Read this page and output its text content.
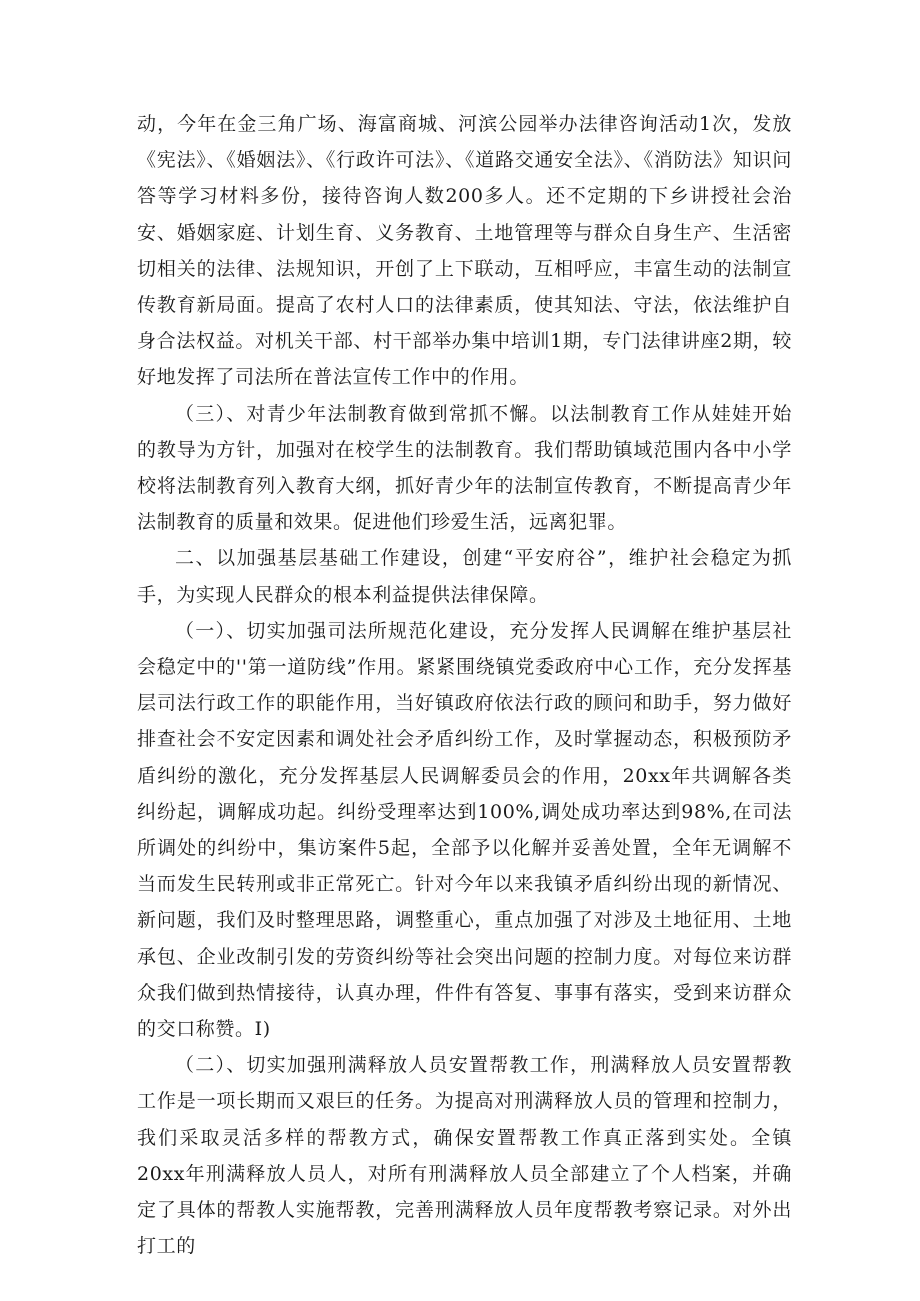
动，今年在金三角广场、海富商城、河滨公园举办法律咨询活动1次，发放《宪法》、《婚姻法》、《行政许可法》、《道路交通安全法》、《消防法》知识问答等学习材料多份，接待咨询人数200多人。还不定期的下乡讲授社会治安、婚姻家庭、计划生育、义务教育、土地管理等与群众自身生产、生活密切相关的法律、法规知识，开创了上下联动，互相呼应，丰富生动的法制宣传教育新局面。提高了农村人口的法律素质，使其知法、守法，依法维护自身合法权益。对机关干部、村干部举办集中培训1期，专门法律讲座2期，较好地发挥了司法所在普法宣传工作中的作用。

（三）、对青少年法制教育做到常抓不懈。以法制教育工作从娃娃开始的教导为方针，加强对在校学生的法制教育。我们帮助镇域范围内各中小学校将法制教育列入教育大纲，抓好青少年的法制宣传教育，不断提高青少年法制教育的质量和效果。促进他们珍爱生活，远离犯罪。

二、以加强基层基础工作建设，创建“平安府谷”，维护社会稳定为抓手，为实现人民群众的根本利益提供法律保障。

（一）、切实加强司法所规范化建设，充分发挥人民调解在维护基层社会稳定中的''第一道防线”作用。紧紧围绕镇党委政府中心工作，充分发挥基层司法行政工作的职能作用，当好镇政府依法行政的顾问和助手，努力做好排查社会不安定因素和调处社会矛盾纠纷工作，及时掌握动态，积极预防矛盾纠纷的激化，充分发挥基层人民调解委员会的作用，20xx年共调解各类纠纷起，调解成功起。纠纷受理率达到100%,调处成功率达到98%,在司法所调处的纠纷中，集访案件5起，全部予以化解并妥善处置，全年无调解不当而发生民转刑或非正常死亡。针对今年以来我镇矛盾纠纷出现的新情况、新问题，我们及时整理思路，调整重心，重点加强了对涉及土地征用、土地承包、企业改制引发的劳资纠纷等社会突出问题的控制力度。对每位来访群众我们做到热情接待，认真办理，件件有答复、事事有落实，受到来访群众的交口称赞。I)

（二）、切实加强刑满释放人员安置帮教工作，刑满释放人员安置帮教工作是一项长期而又艰巨的任务。为提高对刑满释放人员的管理和控制力，我们采取灵活多样的帮教方式，确保安置帮教工作真正落到实处。全镇20xx年刑满释放人员人，对所有刑满释放人员全部建立了个人档案，并确定了具体的帮教人实施帮教，完善刑满释放人员年度帮教考察记录。对外出打工的
